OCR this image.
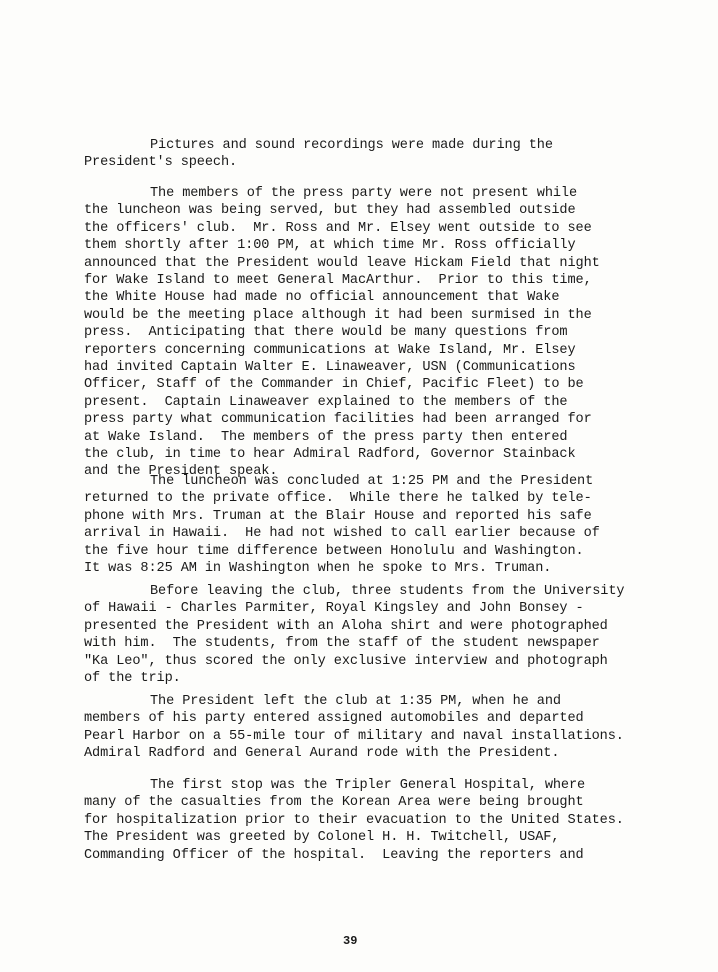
Pictures and sound recordings were made during the
President's speech.
The members of the press party were not present while
the luncheon was being served, but they had assembled outside
the officers' club.  Mr. Ross and Mr. Elsey went outside to see
them shortly after 1:00 PM, at which time Mr. Ross officially
announced that the President would leave Hickam Field that night
for Wake Island to meet General MacArthur.  Prior to this time,
the White House had made no official announcement that Wake
would be the meeting place although it had been surmised in the
press.  Anticipating that there would be many questions from
reporters concerning communications at Wake Island, Mr. Elsey
had invited Captain Walter E. Linaweaver, USN (Communications
Officer, Staff of the Commander in Chief, Pacific Fleet) to be
present.  Captain Linaweaver explained to the members of the
press party what communication facilities had been arranged for
at Wake Island.  The members of the press party then entered
the club, in time to hear Admiral Radford, Governor Stainback
and the President speak.
The luncheon was concluded at 1:25 PM and the President
returned to the private office.  While there he talked by tele-
phone with Mrs. Truman at the Blair House and reported his safe
arrival in Hawaii.  He had not wished to call earlier because of
the five hour time difference between Honolulu and Washington.
It was 8:25 AM in Washington when he spoke to Mrs. Truman.
Before leaving the club, three students from the University
of Hawaii - Charles Parmiter, Royal Kingsley and John Bonsey -
presented the President with an Aloha shirt and were photographed
with him.  The students, from the staff of the student newspaper
"Ka Leo", thus scored the only exclusive interview and photograph
of the trip.
The President left the club at 1:35 PM, when he and
members of his party entered assigned automobiles and departed
Pearl Harbor on a 55-mile tour of military and naval installations.
Admiral Radford and General Aurand rode with the President.
The first stop was the Tripler General Hospital, where
many of the casualties from the Korean Area were being brought
for hospitalization prior to their evacuation to the United States.
The President was greeted by Colonel H. H. Twitchell, USAF,
Commanding Officer of the hospital.  Leaving the reporters and
39
